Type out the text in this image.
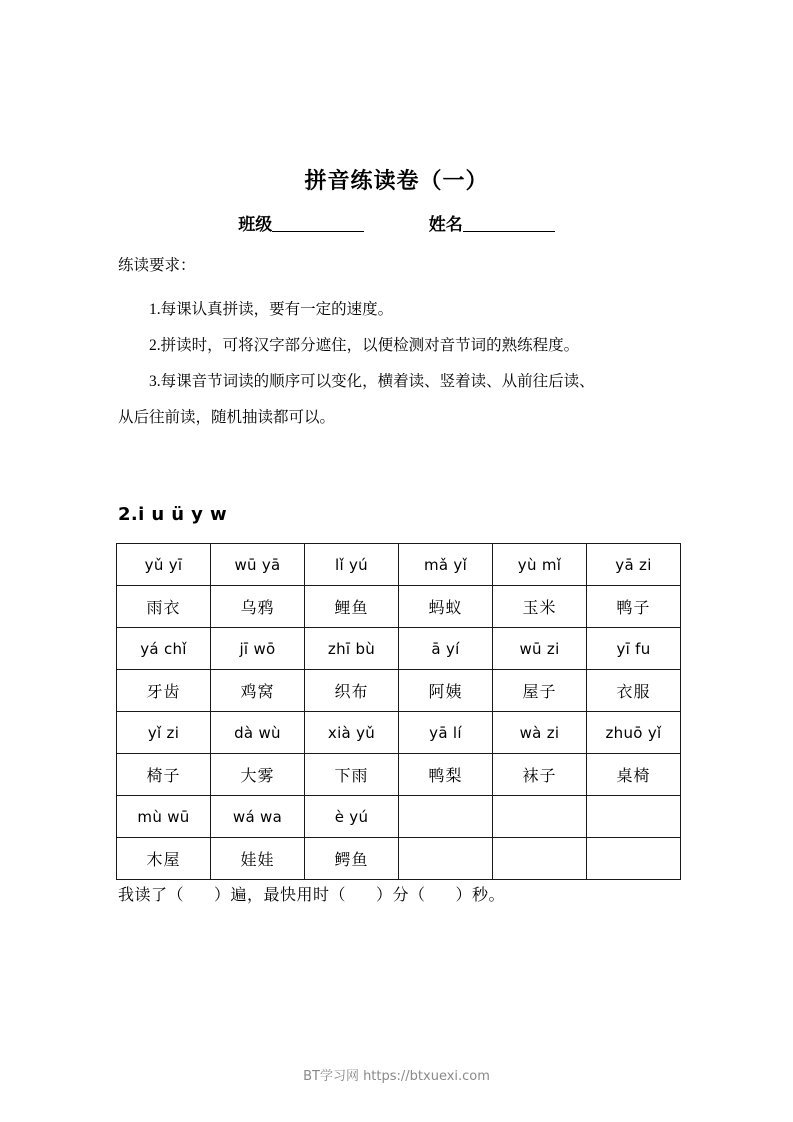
拼音练读卷（一）
班级	姓名
练读要求：
1.每课认真拼读，要有一定的速度。
2.拼读时，可将汉字部分遮住，以便检测对音节词的熟练程度。
3.每课音节词读的顺序可以变化，横着读、竖着读、从前往后读、
从后往前读，随机抽读都可以。
2.i u ü y w
yǔ yī	wū yā	lǐ yú	mǎ yǐ	yù mǐ	yā zi
雨衣	乌鸦	鲤鱼	蚂蚁	玉米	鸭子
yá chǐ	jī wō	zhī bù	ā yí	wū zi	yī fu
牙齿	鸡窝	织布	阿姨	屋子	衣服
yǐ zi	dà wù	xià yǔ	yā lí	wà zi	zhuō yǐ
椅子	大雾	下雨	鸭梨	袜子	桌椅
mù wū	wá wa	è yú			
木屋	娃娃	鳄鱼			
我读了（ ）遍，最快用时（ ）分（ ）秒。
BT学习网 https://btxuexi.com
